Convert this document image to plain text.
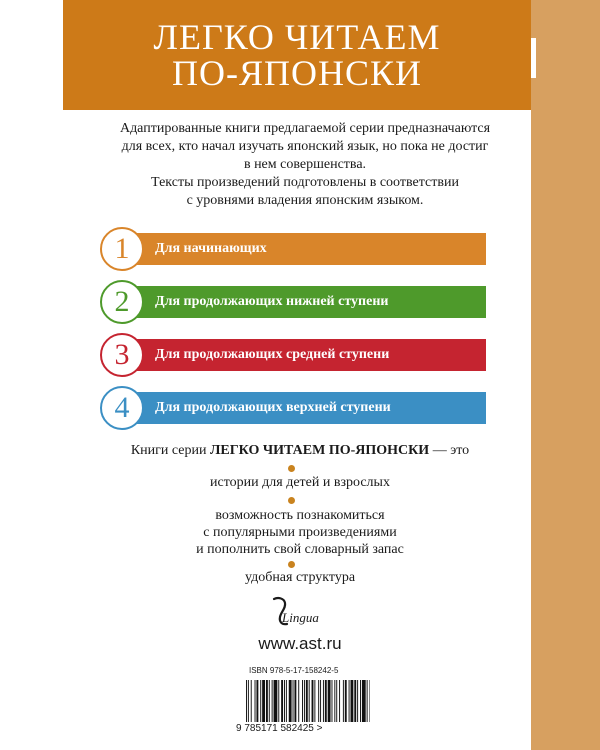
ЛЕГКО ЧИТАЕМ
ПО-ЯПОНСКИ
Адаптированные книги предлагаемой серии предназначаются
для всех, кто начал изучать японский язык, но пока не достиг
в нем совершенства.
Тексты произведений подготовлены в соответствии
с уровнями владения японским языком.
1	Для начинающих
2	Для продолжающих нижней ступени
3	Для продолжающих средней ступени
4	Для продолжающих верхней ступени
Книги серии ЛЕГКО ЧИТАЕМ ПО-ЯПОНСКИ — это
истории для детей и взрослых
возможность познакомиться
с популярными произведениями
и пополнить свой словарный запас
удобная структура
Lingua
www.ast.ru
ISBN 978-5-17-158242-5
9 785171 582425 >
